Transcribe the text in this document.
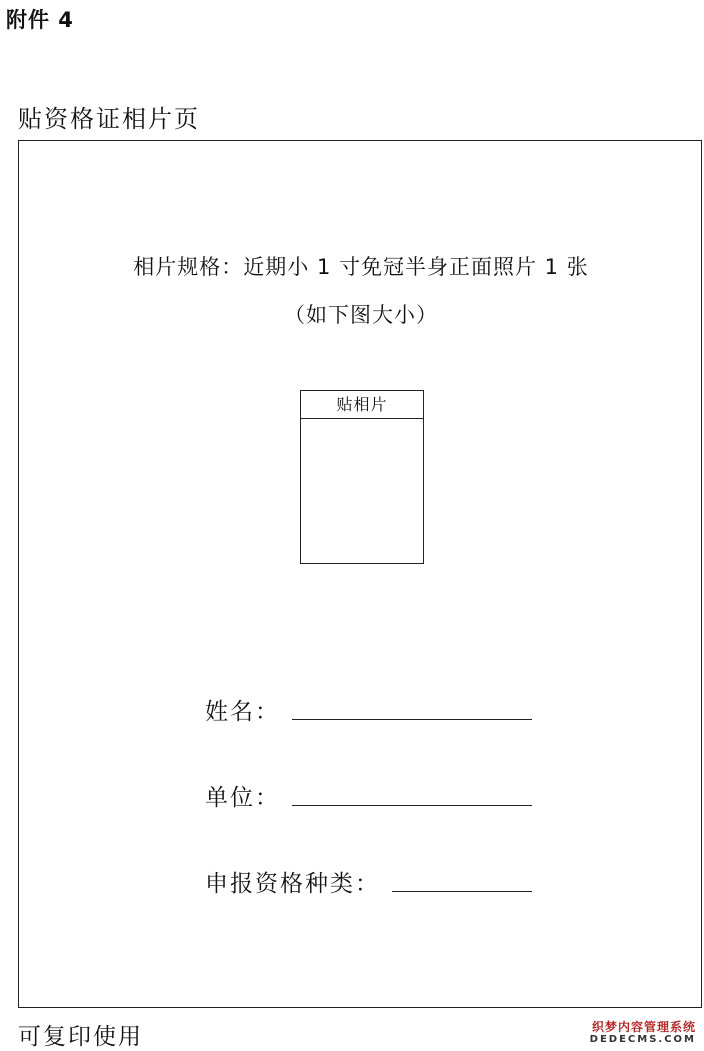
附件 4
贴资格证相片页
相片规格：近期小 1 寸免冠半身正面照片 1 张
（如下图大小）
贴相片
姓名：
单位：
申报资格种类：
可复印使用	织梦内容管理系统
DEDECMS.COM
